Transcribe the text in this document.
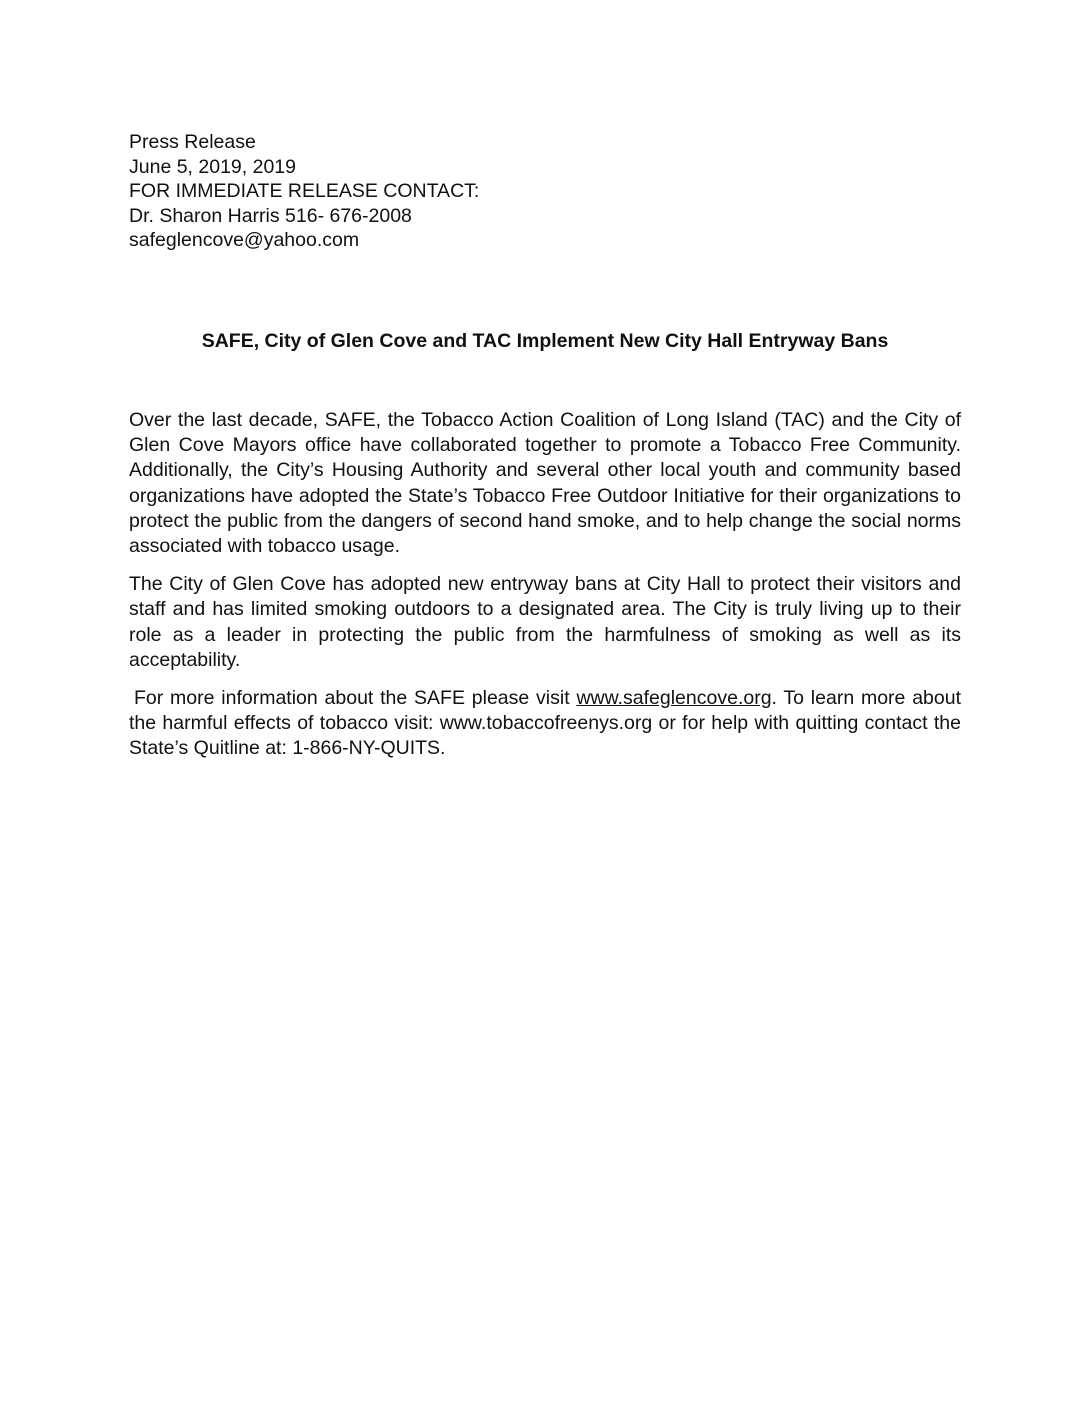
Press Release
June 5, 2019, 2019
FOR IMMEDIATE RELEASE CONTACT:
Dr. Sharon Harris 516- 676-2008
safeglencove@yahoo.com
SAFE, City of Glen Cove and TAC Implement New City Hall Entryway Bans

Over the last decade, SAFE, the Tobacco Action Coalition of Long Island (TAC) and the City of Glen Cove Mayors office have collaborated together to promote a Tobacco Free Community. Additionally, the City’s Housing Authority and several other local youth and community based organizations have adopted the State’s Tobacco Free Outdoor Initiative for their organizations to protect the public from the dangers of second hand smoke, and to help change the social norms associated with tobacco usage.

The City of Glen Cove has adopted new entryway bans at City Hall to protect their visitors and staff and has limited smoking outdoors to a designated area. The City is truly living up to their role as a leader in protecting the public from the harmfulness of smoking as well as its acceptability.

For more information about the SAFE please visit www.safeglencove.org. To learn more about the harmful effects of tobacco visit: www.tobaccofreenys.org or for help with quitting contact the State’s Quitline at: 1-866-NY-QUITS.
